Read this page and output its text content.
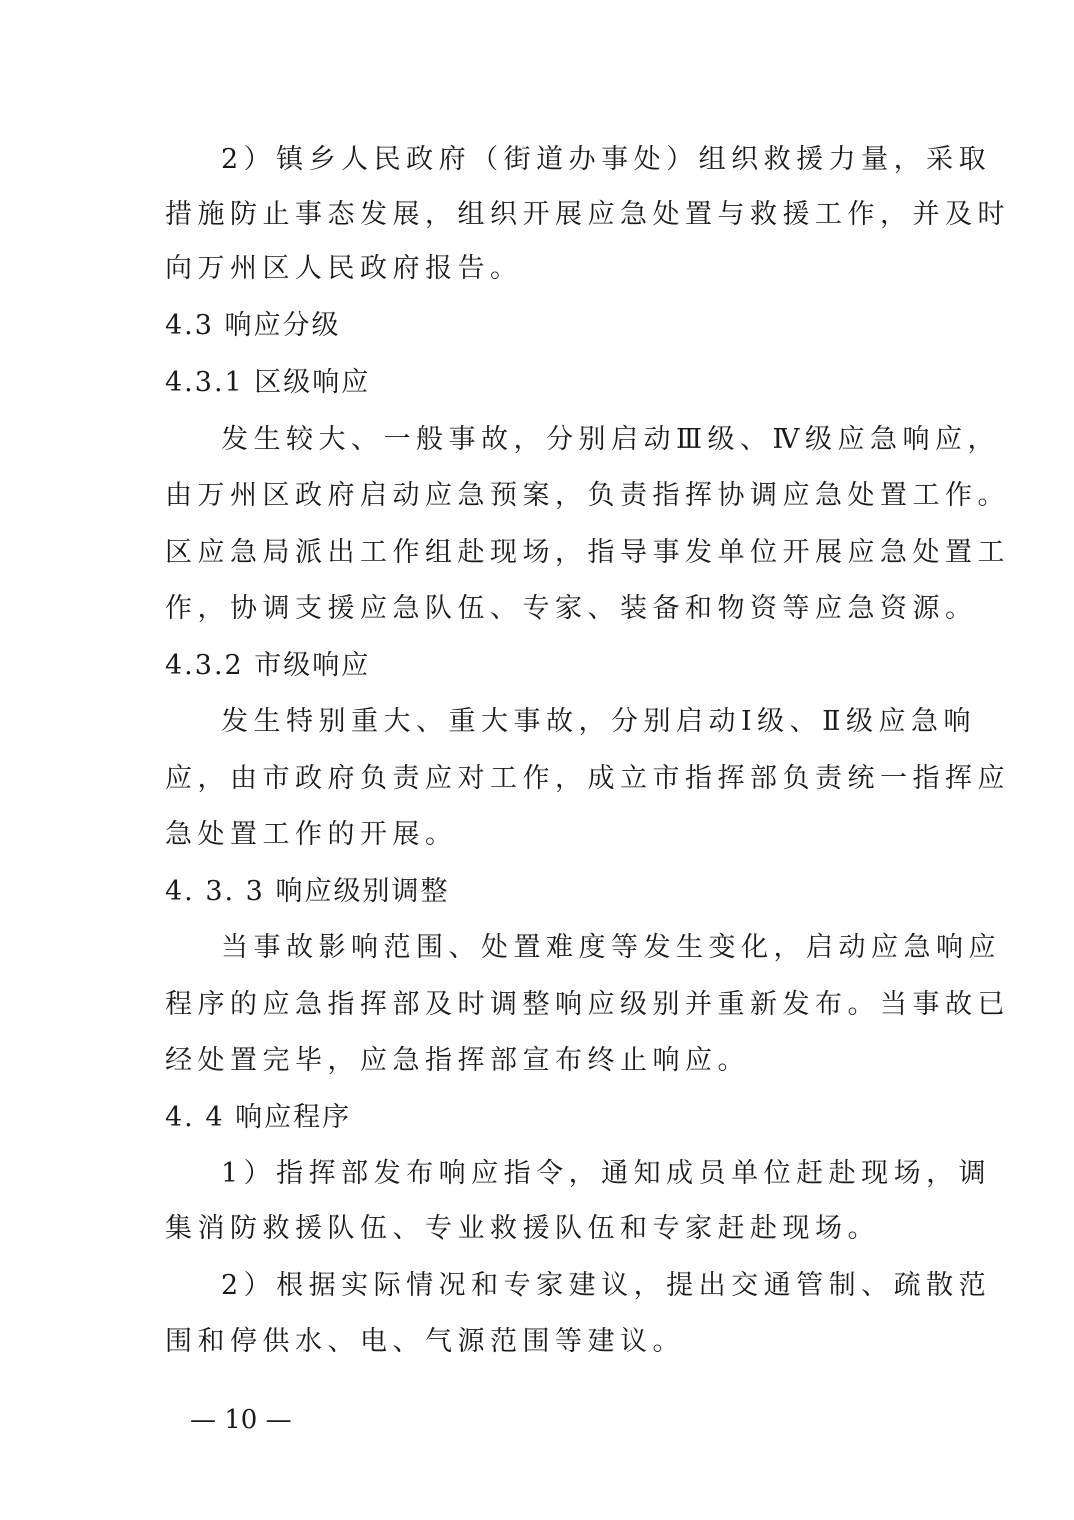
2）镇乡人民政府（街道办事处）组织救援力量，采取
措施防止事态发展，组织开展应急处置与救援工作，并及时
向万州区人民政府报告。
4.3 响应分级
4.3.1 区级响应
发生较大、一般事故，分别启动Ⅲ级、Ⅳ级应急响应，
由万州区政府启动应急预案，负责指挥协调应急处置工作。
区应急局派出工作组赴现场，指导事发单位开展应急处置工
作，协调支援应急队伍、专家、装备和物资等应急资源。
4.3.2 市级响应
发生特别重大、重大事故，分别启动Ⅰ级、Ⅱ级应急响
应，由市政府负责应对工作，成立市指挥部负责统一指挥应
急处置工作的开展。
4. 3. 3 响应级别调整
当事故影响范围、处置难度等发生变化，启动应急响应
程序的应急指挥部及时调整响应级别并重新发布。当事故已
经处置完毕，应急指挥部宣布终止响应。
4. 4 响应程序
1）指挥部发布响应指令，通知成员单位赶赴现场，调
集消防救援队伍、专业救援队伍和专家赶赴现场。
2）根据实际情况和专家建议，提出交通管制、疏散范
围和停供水、电、气源范围等建议。
— 10 —
